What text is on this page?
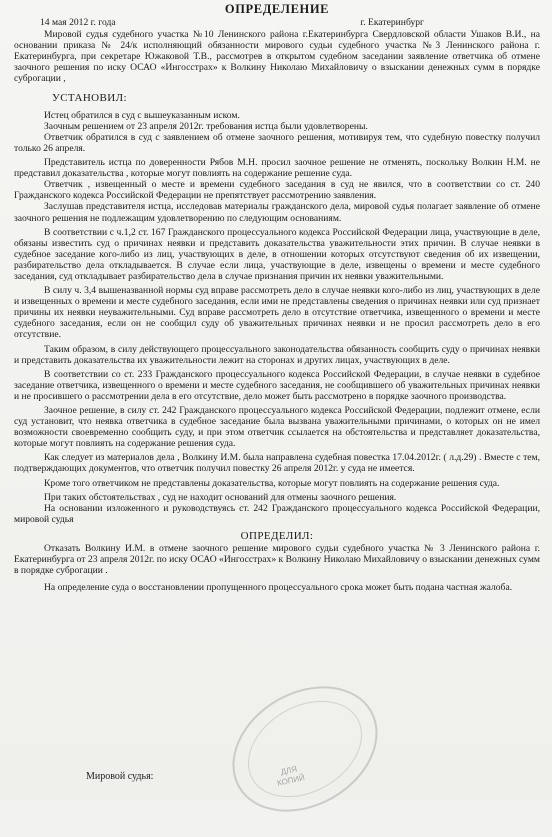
ОПРЕДЕЛЕНИЕ
14 мая 2012 г. года	г. Екатеринбург

Мировой судья судебного участка №10 Ленинского района г.Екатеринбурга Свердловской области Ушаков В.И., на основании приказа № 24/к исполняющий обязанности мирового судьи судебного участка №3 Ленинского района г. Екатеринбурга, при секретаре Южаковой Т.В., рассмотрев в открытом судебном заседании заявление ответчика об отмене заочного решения по иску ОСАО «Ингосстрах» к Волкину Николаю Михайловичу о взыскании денежных сумм в порядке суброгации ,

УСТАНОВИЛ:

Истец обратился в суд с вышеуказанным иском.

Заочным решением от 23 апреля 2012г. требования истца были удовлетворены.

Ответчик обратился в суд с заявлением об отмене заочного решения, мотивируя тем, что судебную повестку получил только 26 апреля.

Представитель истца по доверенности Рябов М.Н. просил заочное решение не отменять, поскольку Волкин Н.М. не представил доказательства , которые могут повлиять на содержание решение суда.

Ответчик , извещенный о месте и времени судебного заседания в суд не явился, что в соответствии со ст. 240 Гражданского кодекса Российской Федерации не препятствует рассмотрению заявления.

Заслушав представителя истца, исследовав материалы гражданского дела, мировой судья полагает заявление об отмене заочного решения не подлежащим удовлетворению по следующим основаниям.

В соответствии с ч.1,2 ст. 167 Гражданского процессуального кодекса Российской Федерации лица, участвующие в деле, обязаны известить суд о причинах неявки и представить доказательства уважительности этих причин. В случае неявки в судебное заседание кого-либо из лиц, участвующих в деле, в отношении которых отсутствуют сведения об их извещении, разбирательство дела откладывается. В случае если лица, участвующие в деле, извещены о времени и месте судебного заседания, суд откладывает разбирательство дела в случае признания причин их неявки уважительными.

В силу ч. 3,4 вышеназванной нормы суд вправе рассмотреть дело в случае неявки кого-либо из лиц, участвующих в деле и извещенных о времени и месте судебного заседания, если ими не представлены сведения о причинах неявки или суд признает причины их неявки неуважительными. Суд вправе рассмотреть дело в отсутствие ответчика, извещенного о времени и месте судебного заседания, если он не сообщил суду об уважительных причинах неявки и не просил рассмотреть дело в его отсутствие.

Таким образом, в силу действующего процессуального законодательства обязанность сообщить суду о причинах неявки и представить доказательства их уважительности лежит на сторонах и других лицах, участвующих в деле.

В соответствии со ст. 233 Гражданского процессуального кодекса Российской Федерации, в случае неявки в судебное заседание ответчика, извещенного о времени и месте судебного заседания, не сообщившего об уважительных причинах неявки и не просившего о рассмотрении дела в его отсутствие, дело может быть рассмотрено в порядке заочного производства.

Заочное решение, в силу ст. 242 Гражданского процессуального кодекса Российской Федерации, подлежит отмене, если суд установит, что неявка ответчика в судебное заседание была вызвана уважительными причинами, о которых он не имел возможности своевременно сообщить суду, и при этом ответчик ссылается на обстоятельства и представляет доказательства, которые могут повлиять на содержание решения суда.

Как следует из материалов дела , Волкину И.М. была направлена судебная повестка 17.04.2012г. ( л.д.29) . Вместе с тем, подтверждающих документов, что ответчик получил повестку 26 апреля 2012г. у суда не имеется.

Кроме того ответчиком не представлены доказательства, которые могут повлиять на содержание решения суда.

При таких обстоятельствах , суд не находит оснований для отмены заочного решения.

На основании изложенного и руководствуясь ст. 242 Гражданского процессуального кодекса Российской Федерации, мировой судья

ОПРЕДЕЛИЛ:

Отказать Волкину И.М. в отмене заочного решение мирового судьи судебного участка № 3 Ленинского района г. Екатеринбурга от 23 апреля 2012г. по иску ОСАО «Ингосстрах» к Волкину Николаю Михайловичу о взыскании денежных сумм в порядке суброгации .

На определение суда о восстановлении пропущенного процессуального срока может быть подана частная жалоба.

ДЛЯ КОПИЙ
Мировой судья:
